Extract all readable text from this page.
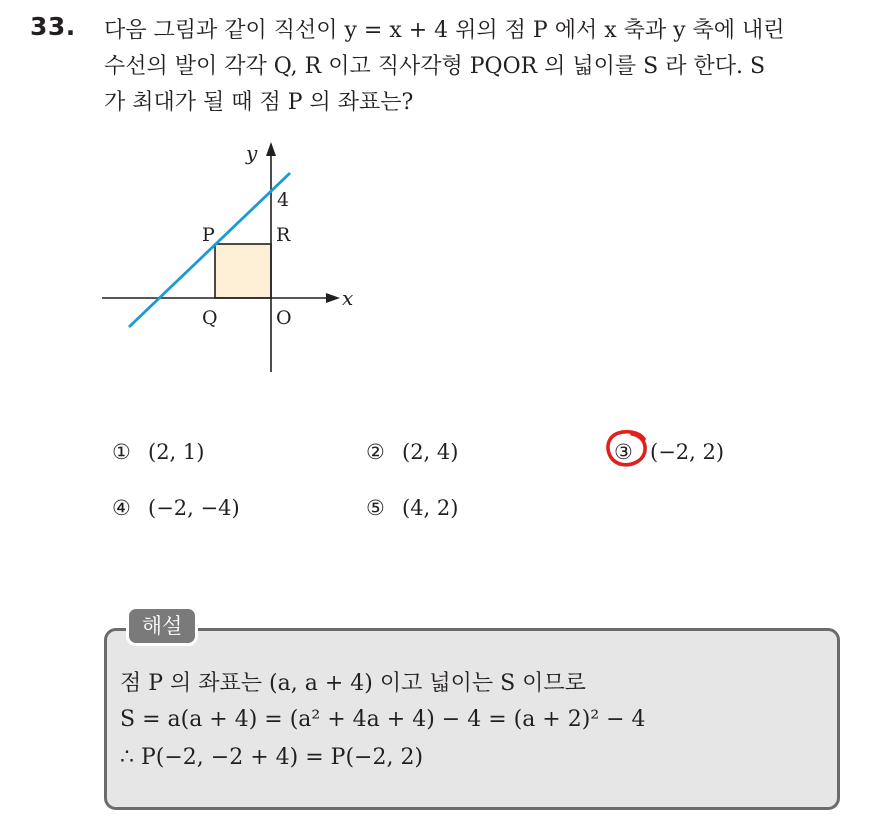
33. 다음 그림과 같이 직선이 y = x + 4 위의 점 P 에서 x 축과 y 축에 내린
수선의 발이 각각 Q, R 이고 직사각형 PQOR 의 넓이를 S 라 한다. S
가 최대가 될 때 점 P 의 좌표는?
y
x
4
P	R
Q	O
① (2, 1)	② (2, 4)	③ (−2, 2)
④ (−2, −4)	⑤ (4, 2)
해설
점 P 의 좌표는 (a, a + 4) 이고 넓이는 S 이므로
S = a(a + 4) = (a² + 4a + 4) − 4 = (a + 2)² − 4
∴ P(−2, −2 + 4) = P(−2, 2)
